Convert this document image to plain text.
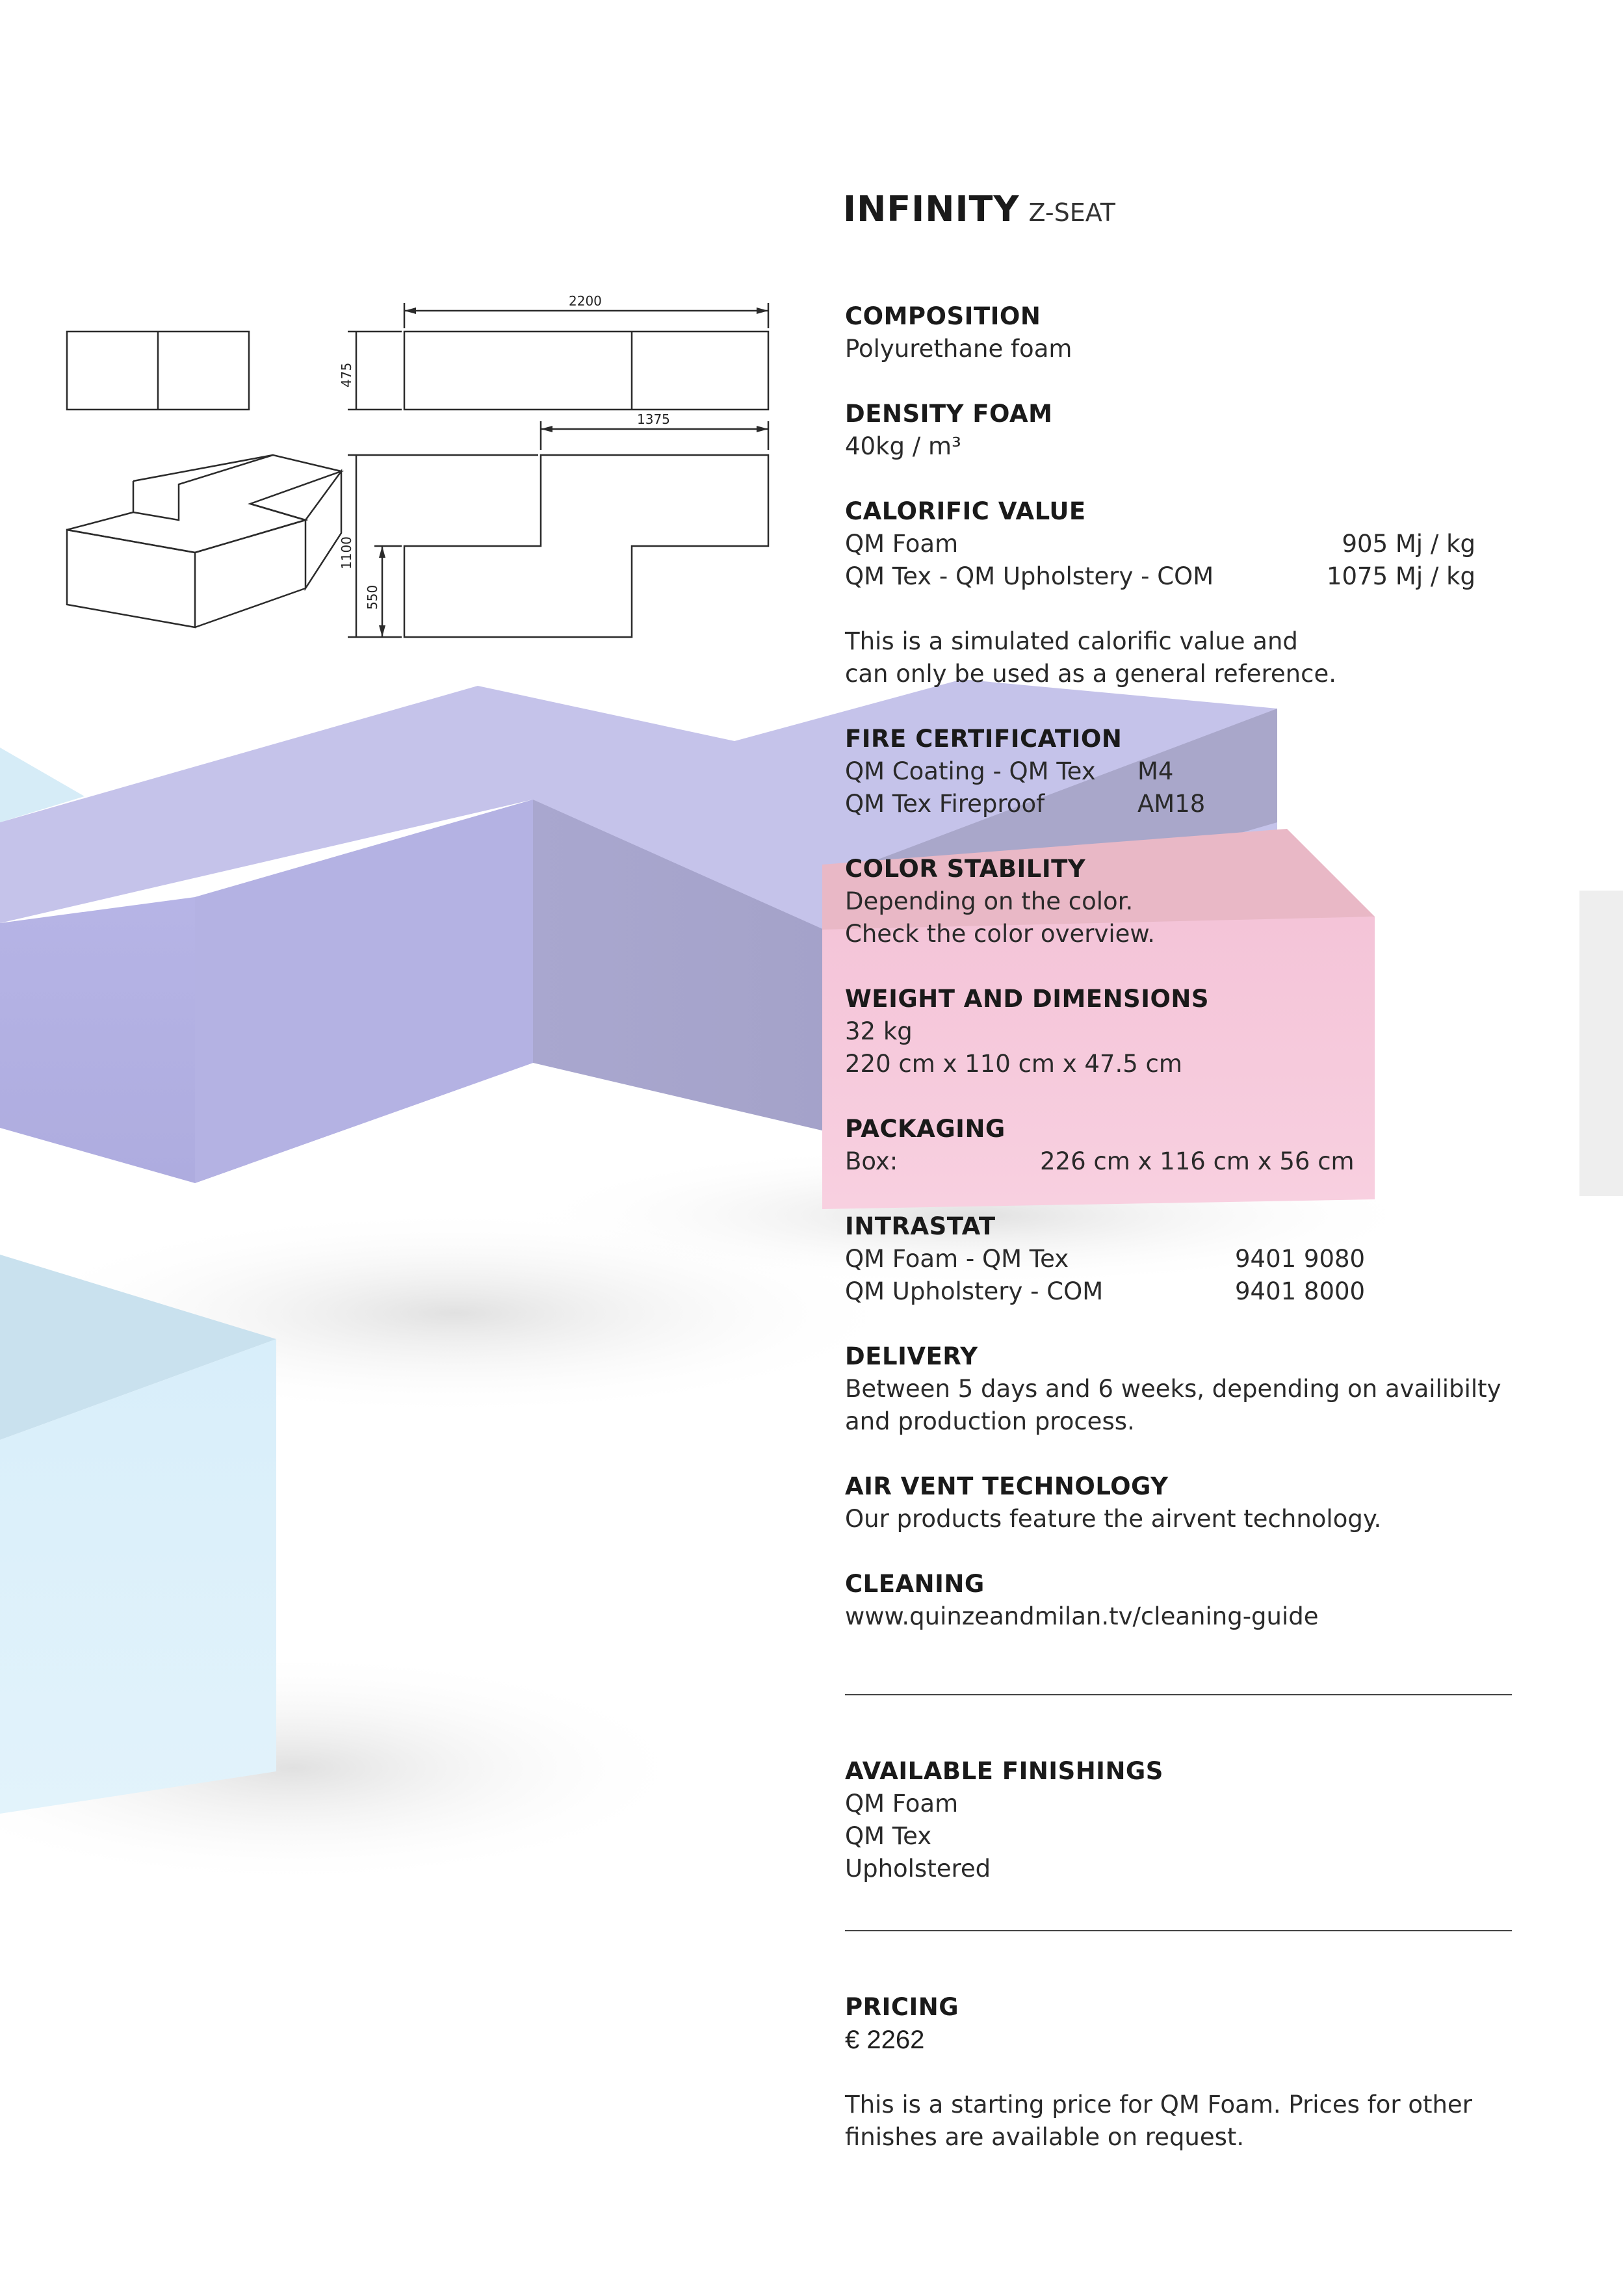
2200
1375
475
1100
550
INFINITY Z-SEAT
COMPOSITION
Polyurethane foam
DENSITY FOAM
40kg / m³
CALORIFIC VALUE
QM Foam	905 Mj / kg
QM Tex - QM Upholstery - COM	1075 Mj / kg
This is a simulated calorific value and
can only be used as a general reference.
FIRE CERTIFICATION
QM Coating - QM Tex M4
QM Tex Fireproof	AM18
COLOR STABILITY
Depending on the color.
Check the color overview.
WEIGHT AND DIMENSIONS
32 kg
220 cm x 110 cm x 47.5 cm
PACKAGING
Box:	226 cm x 116 cm x 56 cm
INTRASTAT
QM Foam - QM Tex	9401 9080
QM Upholstery - COM	9401 8000
DELIVERY
Between 5 days and 6 weeks, depending on availibilty
and production process.
AIR VENT TECHNOLOGY
Our products feature the airvent technology.
CLEANING
www.quinzeandmilan.tv/cleaning-guide
AVAILABLE FINISHINGS
QM Foam
QM Tex
Upholstered
PRICING
€ 2262
This is a starting price for QM Foam. Prices for other
finishes are available on request.
